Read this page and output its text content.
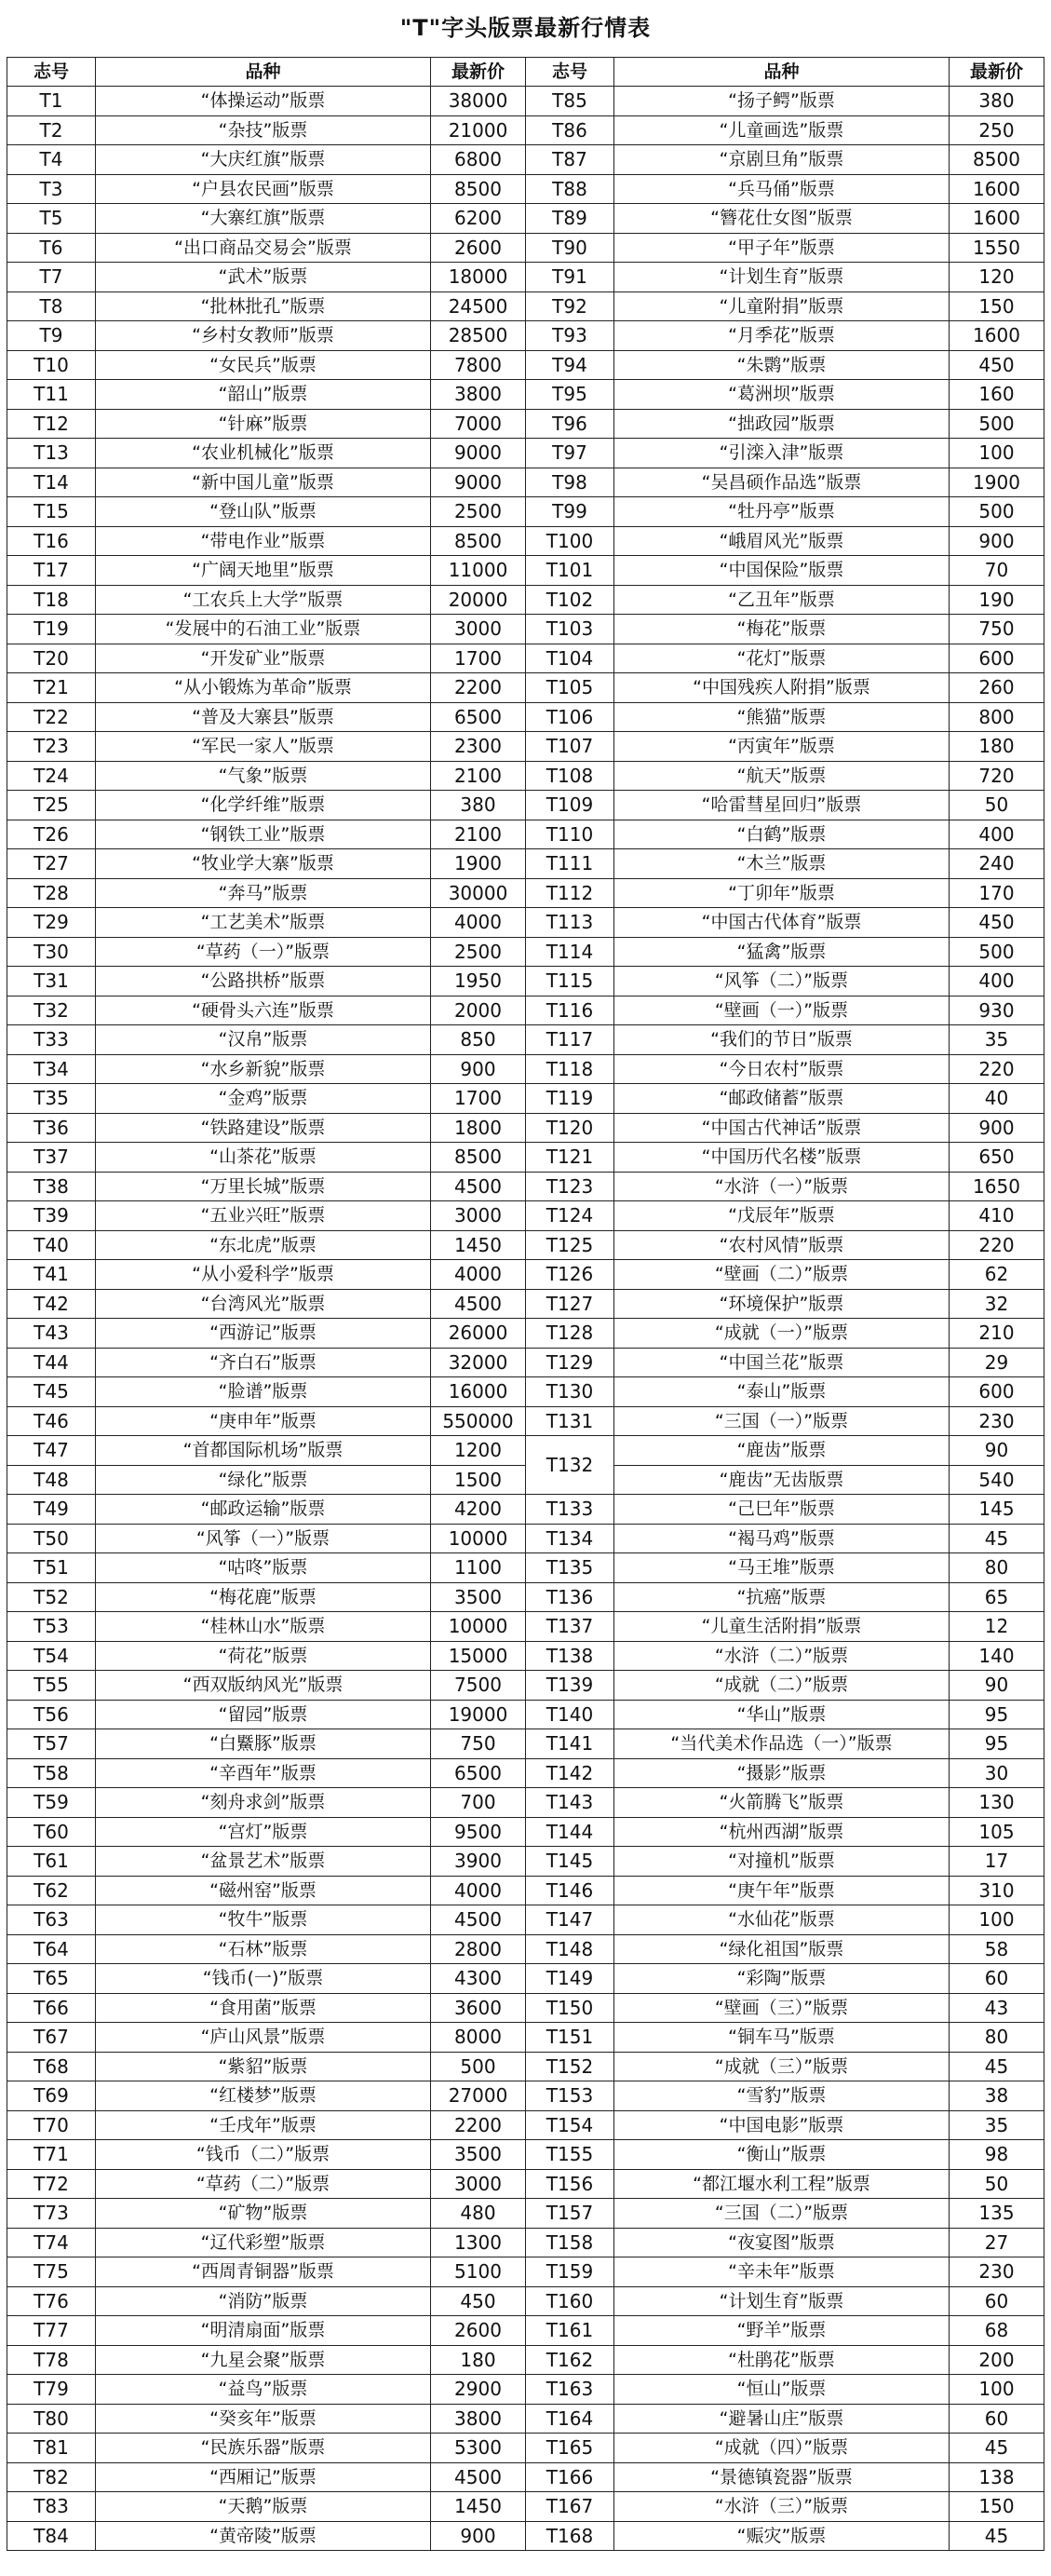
"T"字头版票最新行情表
志号	品种	最新价	志号	品种	最新价
T1	“体操运动”版票	38000	T85	“扬子鳄”版票	380
T2	“杂技”版票	21000	T86	“儿童画选”版票	250
T4	“大庆红旗”版票	6800	T87	“京剧旦角”版票	8500
T3	“户县农民画”版票	8500	T88	“兵马俑”版票	1600
T5	“大寨红旗”版票	6200	T89	“簪花仕女图”版票	1600
T6	“出口商品交易会”版票	2600	T90	“甲子年”版票	1550
T7	“武术”版票	18000	T91	“计划生育”版票	120
T8	“批林批孔”版票	24500	T92	“儿童附捐”版票	150
T9	“乡村女教师”版票	28500	T93	“月季花”版票	1600
T10	“女民兵”版票	7800	T94	“朱鹮”版票	450
T11	“韶山”版票	3800	T95	“葛洲坝”版票	160
T12	“针麻”版票	7000	T96	“拙政园”版票	500
T13	“农业机械化”版票	9000	T97	“引滦入津”版票	100
T14	“新中国儿童”版票	9000	T98	“吴昌硕作品选”版票	1900
T15	“登山队”版票	2500	T99	“牡丹亭”版票	500
T16	“带电作业”版票	8500	T100	“峨眉风光”版票	900
T17	“广阔天地里”版票	11000	T101	“中国保险”版票	70
T18	“工农兵上大学”版票	20000	T102	“乙丑年”版票	190
T19	“发展中的石油工业”版票	3000	T103	“梅花”版票	750
T20	“开发矿业”版票	1700	T104	“花灯”版票	600
T21	“从小锻炼为革命”版票	2200	T105	“中国残疾人附捐”版票	260
T22	“普及大寨县”版票	6500	T106	“熊猫”版票	800
T23	“军民一家人”版票	2300	T107	“丙寅年”版票	180
T24	“气象”版票	2100	T108	“航天”版票	720
T25	“化学纤维”版票	380	T109	“哈雷彗星回归”版票	50
T26	“钢铁工业”版票	2100	T110	“白鹤”版票	400
T27	“牧业学大寨”版票	1900	T111	“木兰”版票	240
T28	“奔马”版票	30000	T112	“丁卯年”版票	170
T29	“工艺美术”版票	4000	T113	“中国古代体育”版票	450
T30	“草药（一）”版票	2500	T114	“猛禽”版票	500
T31	“公路拱桥”版票	1950	T115	“风筝（二）”版票	400
T32	“硬骨头六连”版票	2000	T116	“壁画（一）”版票	930
T33	“汉帛”版票	850	T117	“我们的节日”版票	35
T34	“水乡新貌”版票	900	T118	“今日农村”版票	220
T35	“金鸡”版票	1700	T119	“邮政储蓄”版票	40
T36	“铁路建设”版票	1800	T120	“中国古代神话”版票	900
T37	“山茶花”版票	8500	T121	“中国历代名楼”版票	650
T38	“万里长城”版票	4500	T123	“水浒（一）”版票	1650
T39	“五业兴旺”版票	3000	T124	“戊辰年”版票	410
T40	“东北虎”版票	1450	T125	“农村风情”版票	220
T41	“从小爱科学”版票	4000	T126	“壁画（二）”版票	62
T42	“台湾风光”版票	4500	T127	“环境保护”版票	32
T43	“西游记”版票	26000	T128	“成就（一）”版票	210
T44	“齐白石”版票	32000	T129	“中国兰花”版票	29
T45	“脸谱”版票	16000	T130	“泰山”版票	600
T46	“庚申年”版票	550000	T131	“三国（一）”版票	230
T47	“首都国际机场”版票	1200	T132	“鹿齿”版票	90
T48	“绿化”版票	1500		“鹿齿”无齿版票	540
T49	“邮政运输”版票	4200	T133	“己巳年”版票	145
T50	“风筝（一）”版票	10000	T134	“褐马鸡”版票	45
T51	“咕咚”版票	1100	T135	“马王堆”版票	80
T52	“梅花鹿”版票	3500	T136	“抗癌”版票	65
T53	“桂林山水”版票	10000	T137	“儿童生活附捐”版票	12
T54	“荷花”版票	15000	T138	“水浒（二）”版票	140
T55	“西双版纳风光”版票	7500	T139	“成就（二）”版票	90
T56	“留园”版票	19000	T140	“华山”版票	95
T57	“白鱀豚”版票	750	T141	“当代美术作品选（一）”版票	95
T58	“辛酉年”版票	6500	T142	“摄影”版票	30
T59	“刻舟求剑”版票	700	T143	“火箭腾飞”版票	130
T60	“宫灯”版票	9500	T144	“杭州西湖”版票	105
T61	“盆景艺术”版票	3900	T145	“对撞机”版票	17
T62	“磁州窑”版票	4000	T146	“庚午年”版票	310
T63	“牧牛”版票	4500	T147	“水仙花”版票	100
T64	“石林”版票	2800	T148	“绿化祖国”版票	58
T65	“钱币(一)”版票	4300	T149	“彩陶”版票	60
T66	“食用菌”版票	3600	T150	“壁画（三）”版票	43
T67	“庐山风景”版票	8000	T151	“铜车马”版票	80
T68	“紫貂”版票	500	T152	“成就（三）”版票	45
T69	“红楼梦”版票	27000	T153	“雪豹”版票	38
T70	“壬戌年”版票	2200	T154	“中国电影”版票	35
T71	“钱币（二）”版票	3500	T155	“衡山”版票	98
T72	“草药（二）”版票	3000	T156	“都江堰水利工程”版票	50
T73	“矿物”版票	480	T157	“三国（二）”版票	135
T74	“辽代彩塑”版票	1300	T158	“夜宴图”版票	27
T75	“西周青铜器”版票	5100	T159	“辛未年”版票	230
T76	“消防”版票	450	T160	“计划生育”版票	60
T77	“明清扇面”版票	2600	T161	“野羊”版票	68
T78	“九星会聚”版票	180	T162	“杜鹃花”版票	200
T79	“益鸟”版票	2900	T163	“恒山”版票	100
T80	“癸亥年”版票	3800	T164	“避暑山庄”版票	60
T81	“民族乐器”版票	5300	T165	“成就（四）”版票	45
T82	“西厢记”版票	4500	T166	“景德镇瓷器”版票	138
T83	“天鹅”版票	1450	T167	“水浒（三）”版票	150
T84	“黄帝陵”版票	900	T168	“赈灾”版票	45
